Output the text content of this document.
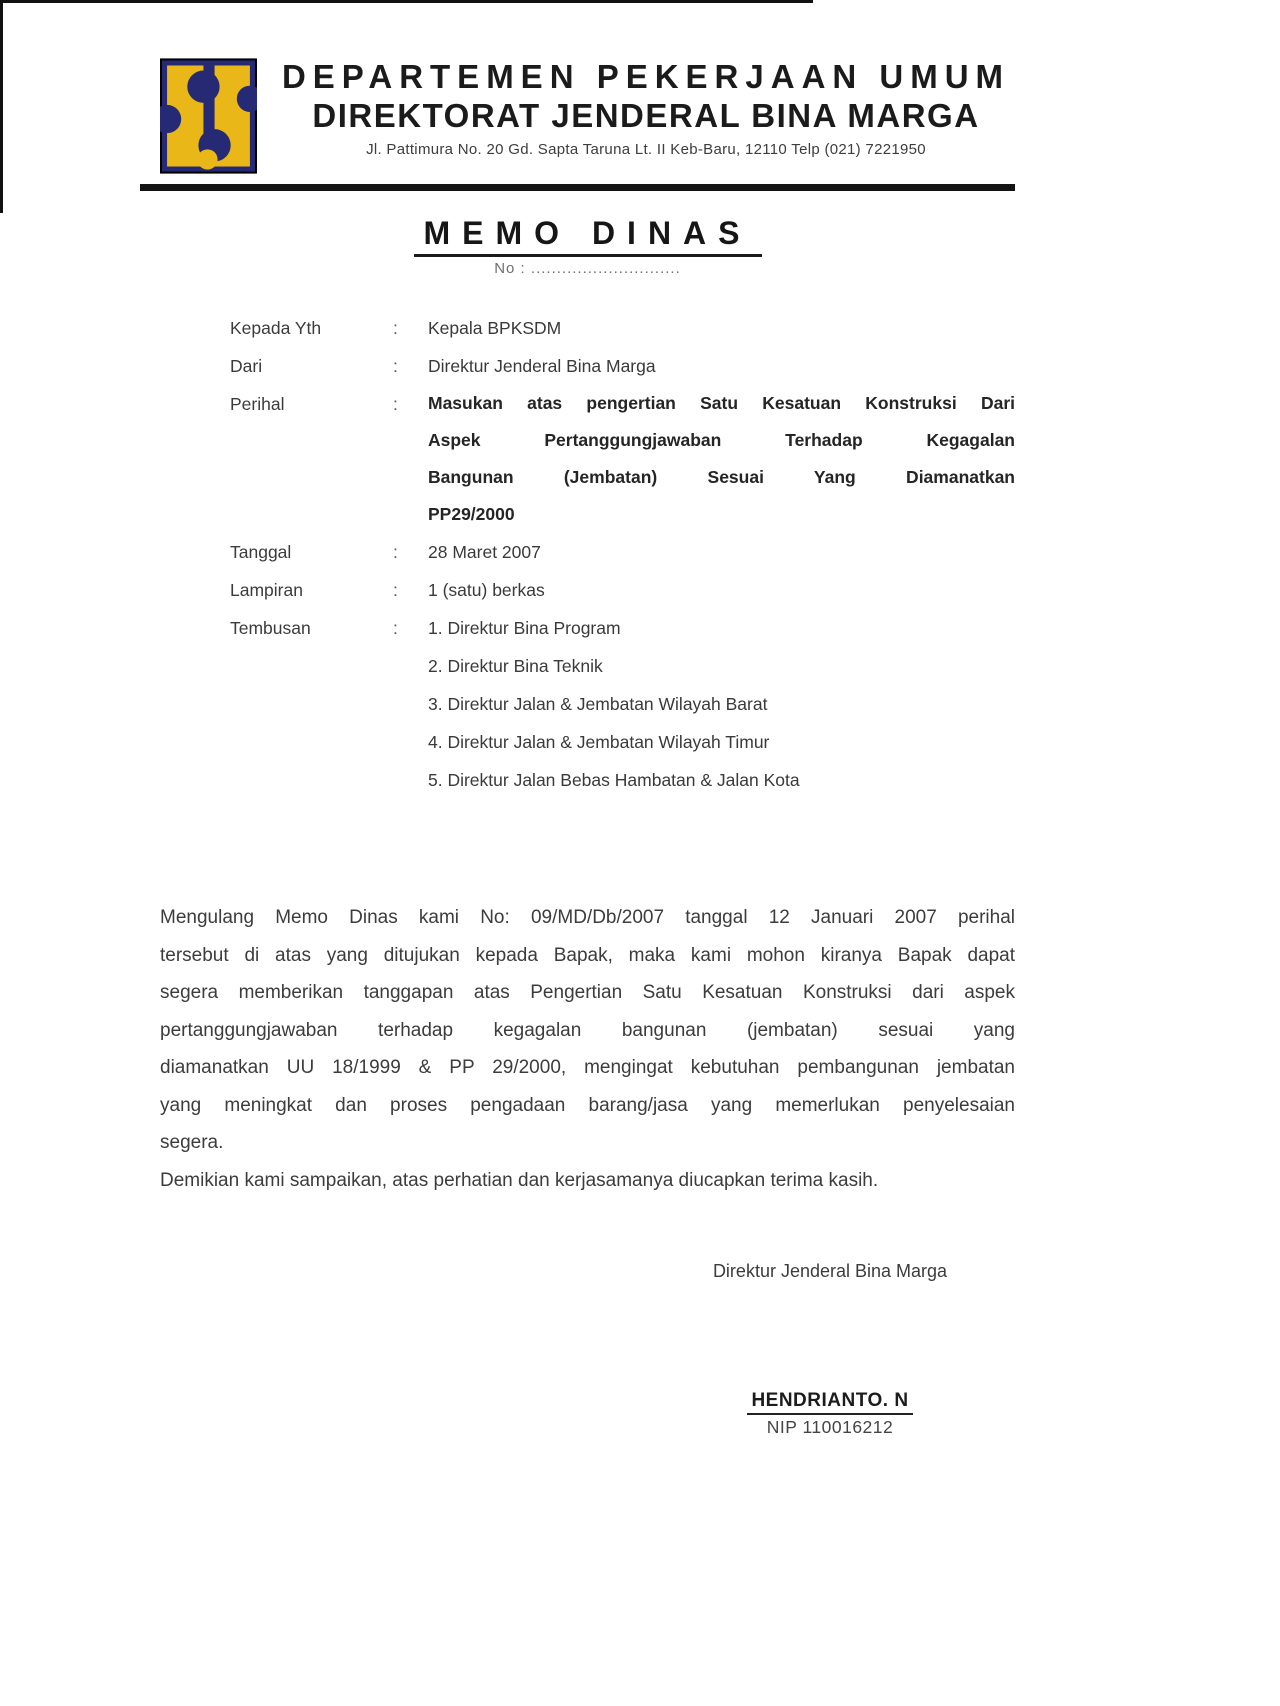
DEPARTEMEN PEKERJAAN UMUM
DIREKTORAT JENDERAL BINA MARGA
Jl. Pattimura No. 20 Gd. Sapta Taruna Lt. II Keb-Baru, 12110 Telp (021) 7221950
MEMO DINAS
No : .............................
Kepada Yth	:	Kepala BPKSDM
Dari	:	Direktur Jenderal Bina Marga
Perihal	:	Masukan atas pengertian Satu Kesatuan Konstruksi Dari
Aspek Pertanggungjawaban Terhadap Kegagalan
Bangunan (Jembatan) Sesuai Yang Diamanatkan
PP29/2000
Tanggal	:	28 Maret 2007
Lampiran	:	1 (satu) berkas
Tembusan	:	1. Direktur Bina Program
2. Direktur Bina Teknik
3. Direktur Jalan & Jembatan Wilayah Barat
4. Direktur Jalan & Jembatan Wilayah Timur
5. Direktur Jalan Bebas Hambatan & Jalan Kota
Mengulang Memo Dinas kami No: 09/MD/Db/2007 tanggal 12 Januari 2007 perihal
tersebut di atas yang ditujukan kepada Bapak, maka kami mohon kiranya Bapak dapat
segera memberikan tanggapan atas Pengertian Satu Kesatuan Konstruksi dari aspek
pertanggungjawaban terhadap kegagalan bangunan (jembatan) sesuai yang
diamanatkan UU 18/1999 & PP 29/2000, mengingat kebutuhan pembangunan jembatan
yang meningkat dan proses pengadaan barang/jasa yang memerlukan penyelesaian
segera.
Demikian kami sampaikan, atas perhatian dan kerjasamanya diucapkan terima kasih.
Direktur Jenderal Bina Marga
HENDRIANTO. N
NIP 110016212
